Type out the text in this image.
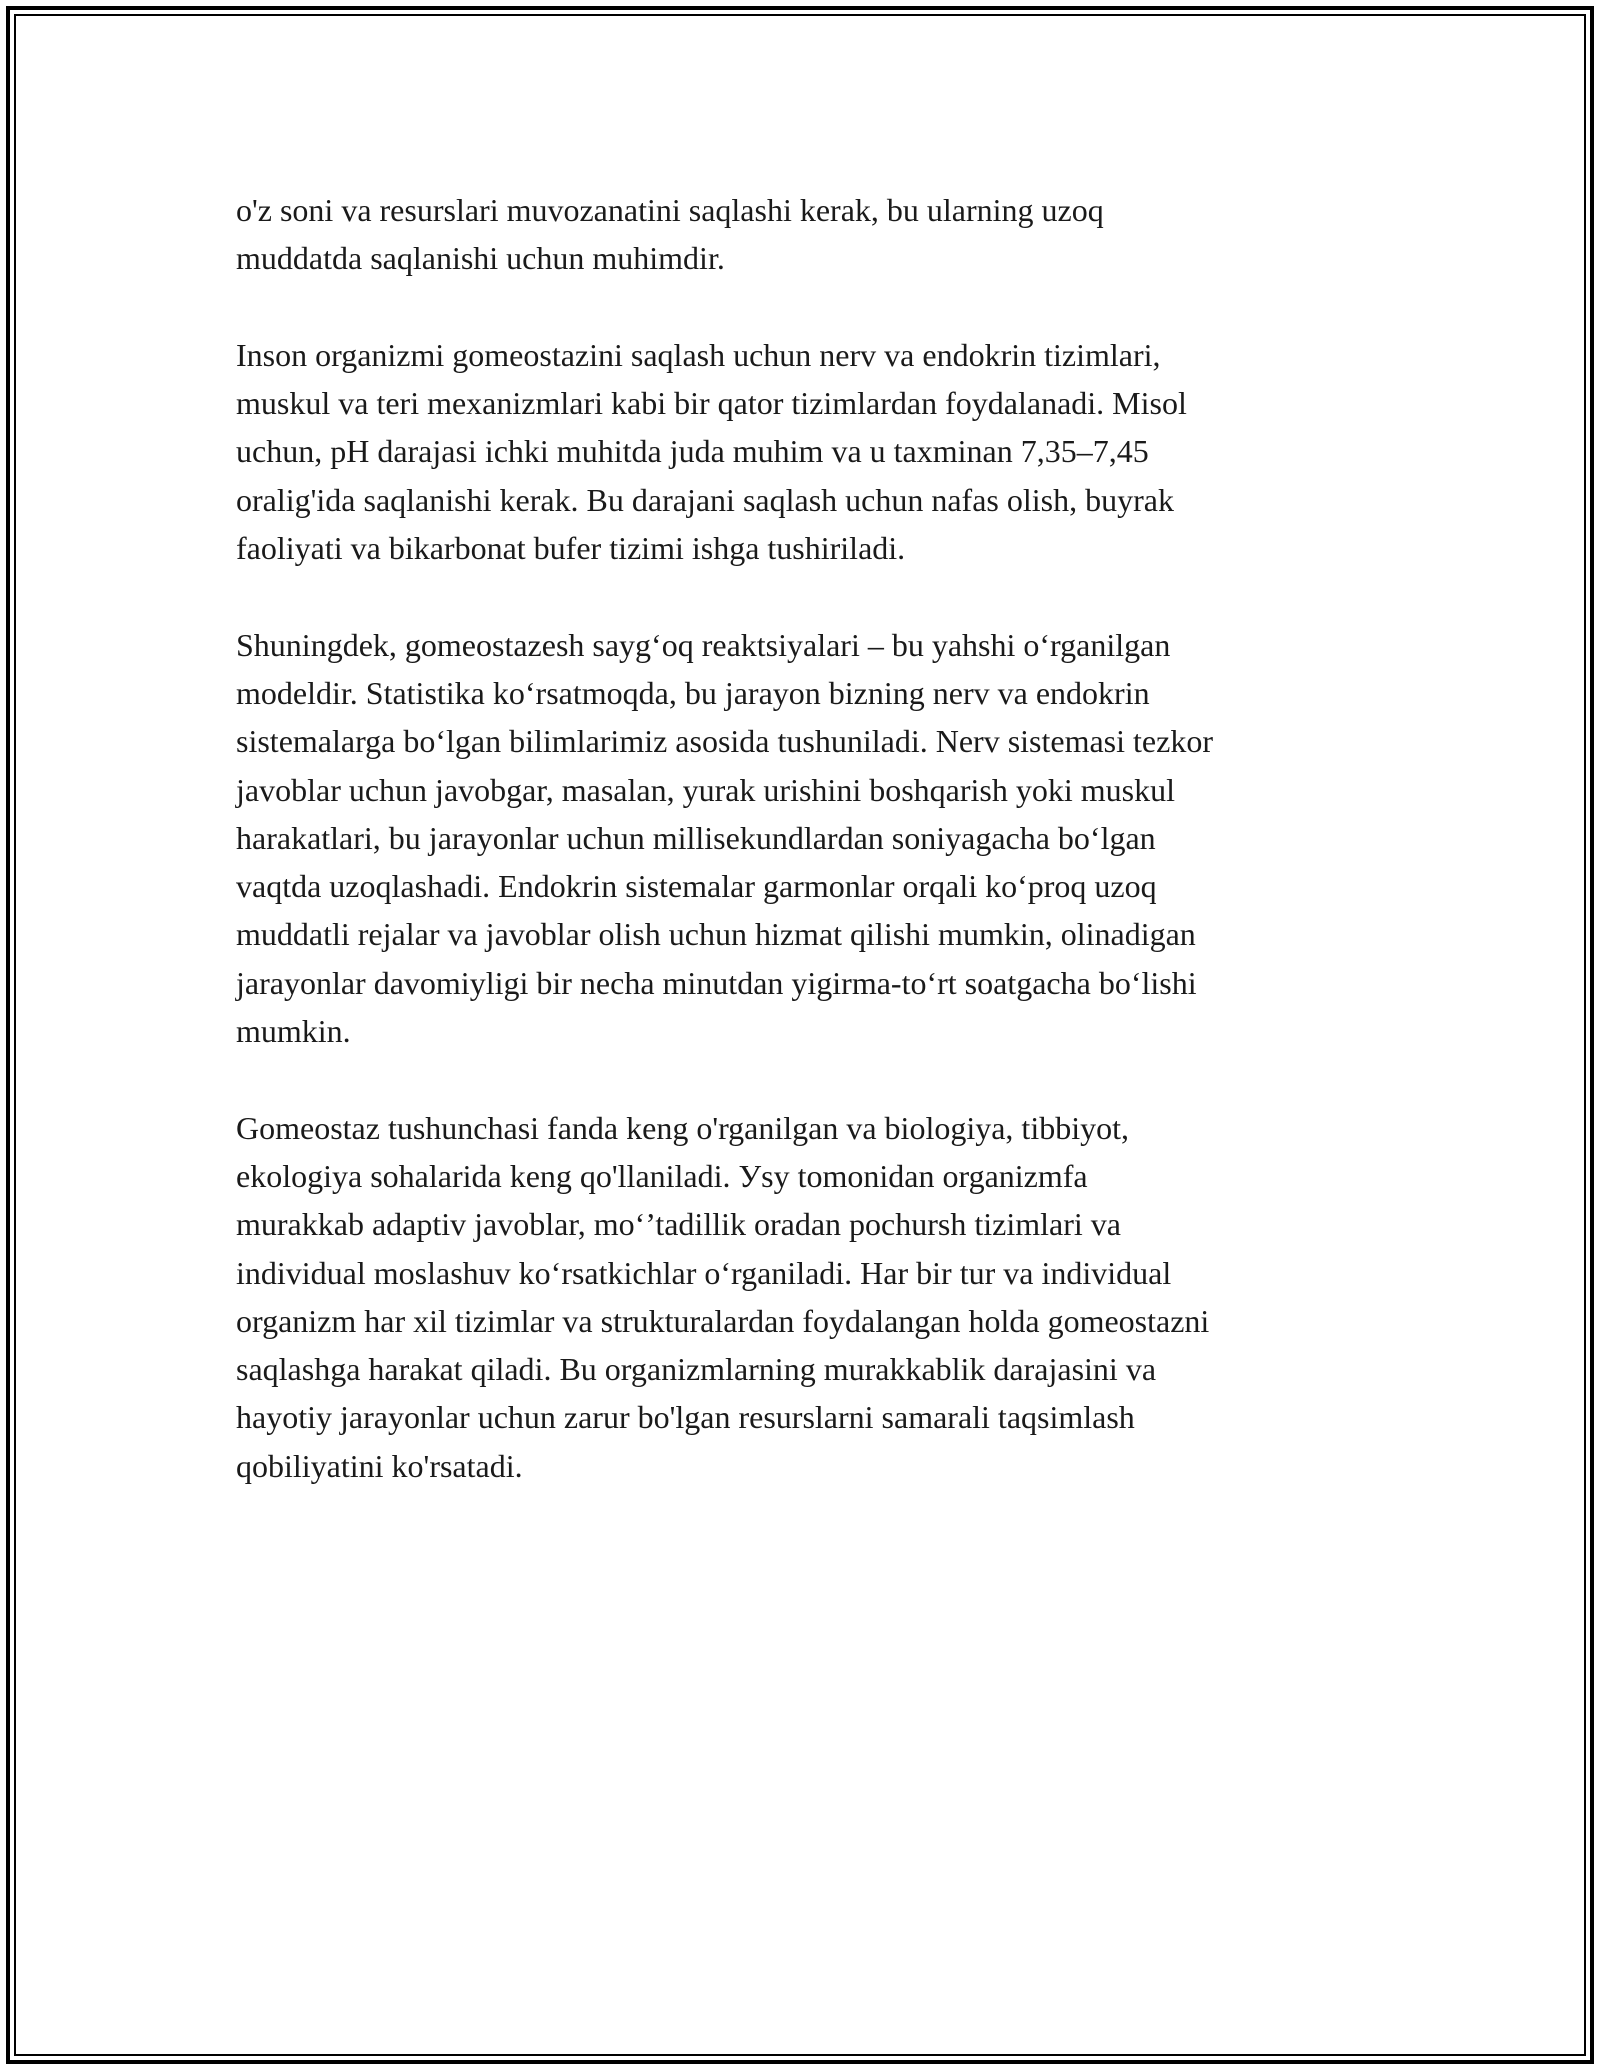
o'z soni va resurslari muvozanatini saqlashi kerak, bu ularning uzoq
muddatda saqlanishi uchun muhimdir.

Inson organizmi gomeostazini saqlash uchun nerv va endokrin tizimlari,
muskul va teri mexanizmlari kabi bir qator tizimlardan foydalanadi. Misol
uchun, pH darajasi ichki muhitda juda muhim va u taxminan 7,35–7,45
oralig'ida saqlanishi kerak. Bu darajani saqlash uchun nafas olish, buyrak
faoliyati va bikarbonat bufer tizimi ishga tushiriladi.

Shuningdek, gomeostazesh sayg‘oq reaktsiyalari – bu yahshi o‘rganilgan
modeldir. Statistika ko‘rsatmoqda, bu jarayon bizning nerv va endokrin
sistemalarga bo‘lgan bilimlarimiz asosida tushuniladi. Nerv sistemasi tezkor
javoblar uchun javobgar, masalan, yurak urishini boshqarish yoki muskul
harakatlari, bu jarayonlar uchun millisekundlardan soniyagacha bo‘lgan
vaqtda uzoqlashadi. Endokrin sistemalar garmonlar orqali ko‘proq uzoq
muddatli rejalar va javoblar olish uchun hizmat qilishi mumkin, olinadigan
jarayonlar davomiyligi bir necha minutdan yigirma-to‘rt soatgacha bo‘lishi
mumkin.

Gomeostaz tushunchasi fanda keng o'rganilgan va biologiya, tibbiyot,
ekologiya sohalarida keng qo'llaniladi. Уsy tomonidan organizmfa
murakkab adaptiv javoblar, mo‘’tadillik oradan pochursh tizimlari va
individual moslashuv ko‘rsatkichlar o‘rganiladi. Har bir tur va individual
organizm har xil tizimlar va strukturalardan foydalangan holda gomeostazni
saqlashga harakat qiladi. Bu organizmlarning murakkablik darajasini va
hayotiy jarayonlar uchun zarur bo'lgan resurslarni samarali taqsimlash
qobiliyatini ko'rsatadi.
